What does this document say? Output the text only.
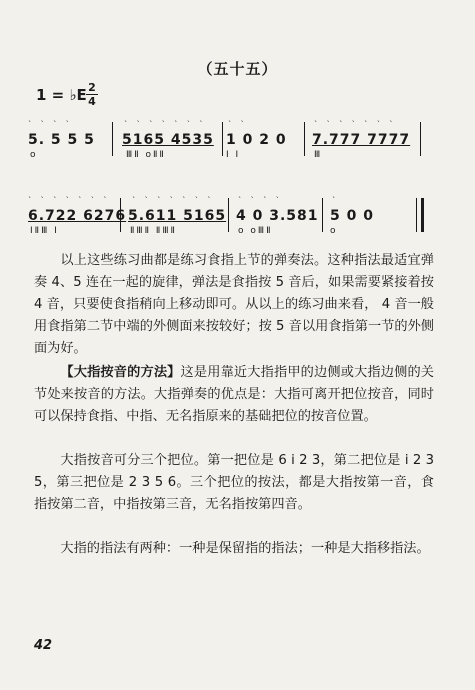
（五十五）
1 = ♭E 2
4
ˋ ˋ ˋ ˋ
5. 5 5 5
o
ˋ ˋ ˋ ˋ ˋ ˋ ˋ
5165 4535
ⅢⅡ oⅡⅡ
ˋ ˋ
1 0 2 0
Ⅰ Ⅰ
ˋ ˋ ˋ ˋ ˋ ˋ ˋ
7.777 7777
Ⅲ
ˋ ˋ ˋ ˋ ˋ ˋ ˋ
6.722 6276
ⅠⅡⅢ Ⅰ
ˋ ˋ ˋ ˋ ˋ ˋ ˋ
5.611 5165
ⅡⅢⅡ ⅡⅢⅡ
ˋ ˋ ˋ ˋ
4 0 3.581
o oⅢⅡ
ˋ
5 0 0
o
以上这些练习曲都是练习食指上节的弹奏法。这种指法最适宜弹奏 4、5 连在一起的旋律，弹法是食指按 5 音后，如果需要紧接着按 4 音，只要使食指稍向上移动即可。从以上的练习曲来看， 4 音一般用食指第二节中端的外侧面来按较好；按 5 音以用食指第一节的外侧面为好。
【大指按音的方法】这是用靠近大指指甲的边侧或大指边侧的关节处来按音的方法。大指弹奏的优点是：大指可离开把位按音，同时可以保持食指、中指、无名指原来的基础把位的按音位置。
大指按音可分三个把位。第一把位是 6 i 2 3，第二把位是 i 2 3 5，第三把位是 2 3 5 6。三个把位的按法，都是大指按第一音，食指按第二音，中指按第三音，无名指按第四音。
大指的指法有两种：一种是保留指的指法；一种是大指移指法。
42
